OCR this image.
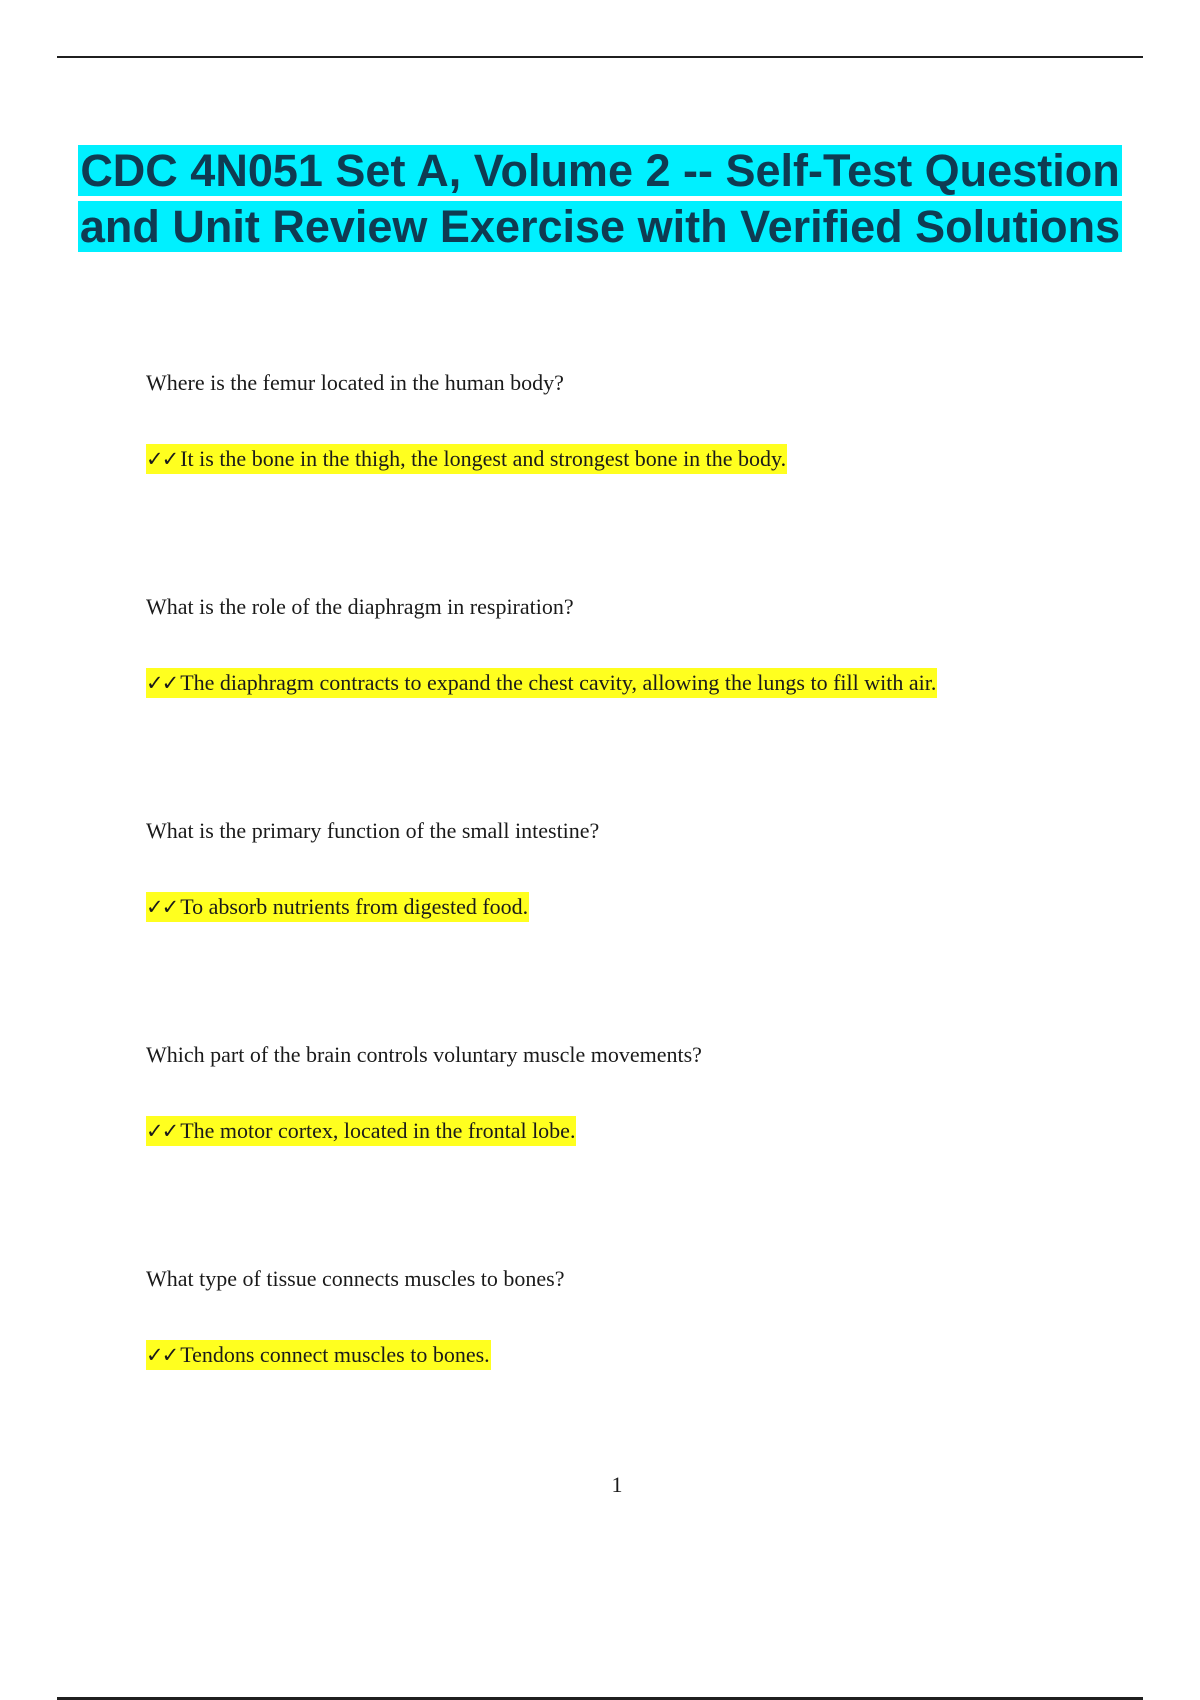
CDC 4N051 Set A, Volume 2 -- Self-Test Question and Unit Review Exercise with Verified Solutions
Where is the femur located in the human body?
✓✓ It is the bone in the thigh, the longest and strongest bone in the body.
What is the role of the diaphragm in respiration?
✓✓ The diaphragm contracts to expand the chest cavity, allowing the lungs to fill with air.
What is the primary function of the small intestine?
✓✓ To absorb nutrients from digested food.
Which part of the brain controls voluntary muscle movements?
✓✓ The motor cortex, located in the frontal lobe.
What type of tissue connects muscles to bones?
✓✓ Tendons connect muscles to bones.
1
